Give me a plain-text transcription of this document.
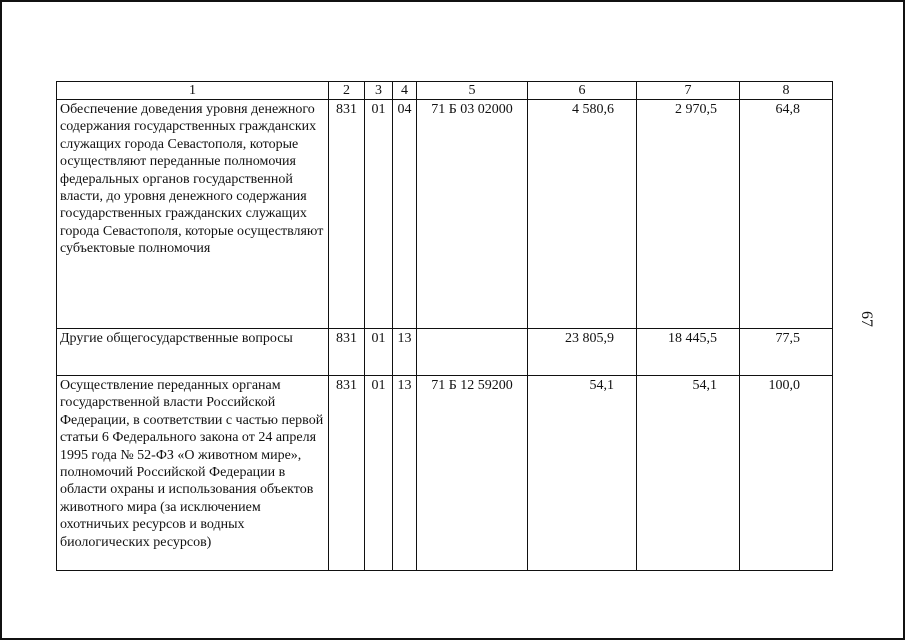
1	2	3	4	5	6	7	8
Обеспечение доведения уровня денежного содержания государственных гражданских служащих города Севастополя, которые осуществляют переданные полномочия федеральных органов государственной власти, до уровня денежного содержания государственных гражданских служащих города Севастополя, которые осуществляют субъектовые полномочия	831	01	04	71 Б 03 02000	4 580,6	2 970,5	64,8
Другие общегосударственные вопросы	831	01	13		23 805,9	18 445,5	77,5
Осуществление переданных органам государственной власти Российской Федерации, в соответствии с частью первой статьи 6 Федерального закона от 24 апреля 1995 года № 52-ФЗ «О животном мире», полномочий Российской Федерации в области охраны и использования объектов животного мира (за исключением охотничьих ресурсов и водных биологических ресурсов)	831	01	13	71 Б 12 59200	54,1	54,1	100,0
67
